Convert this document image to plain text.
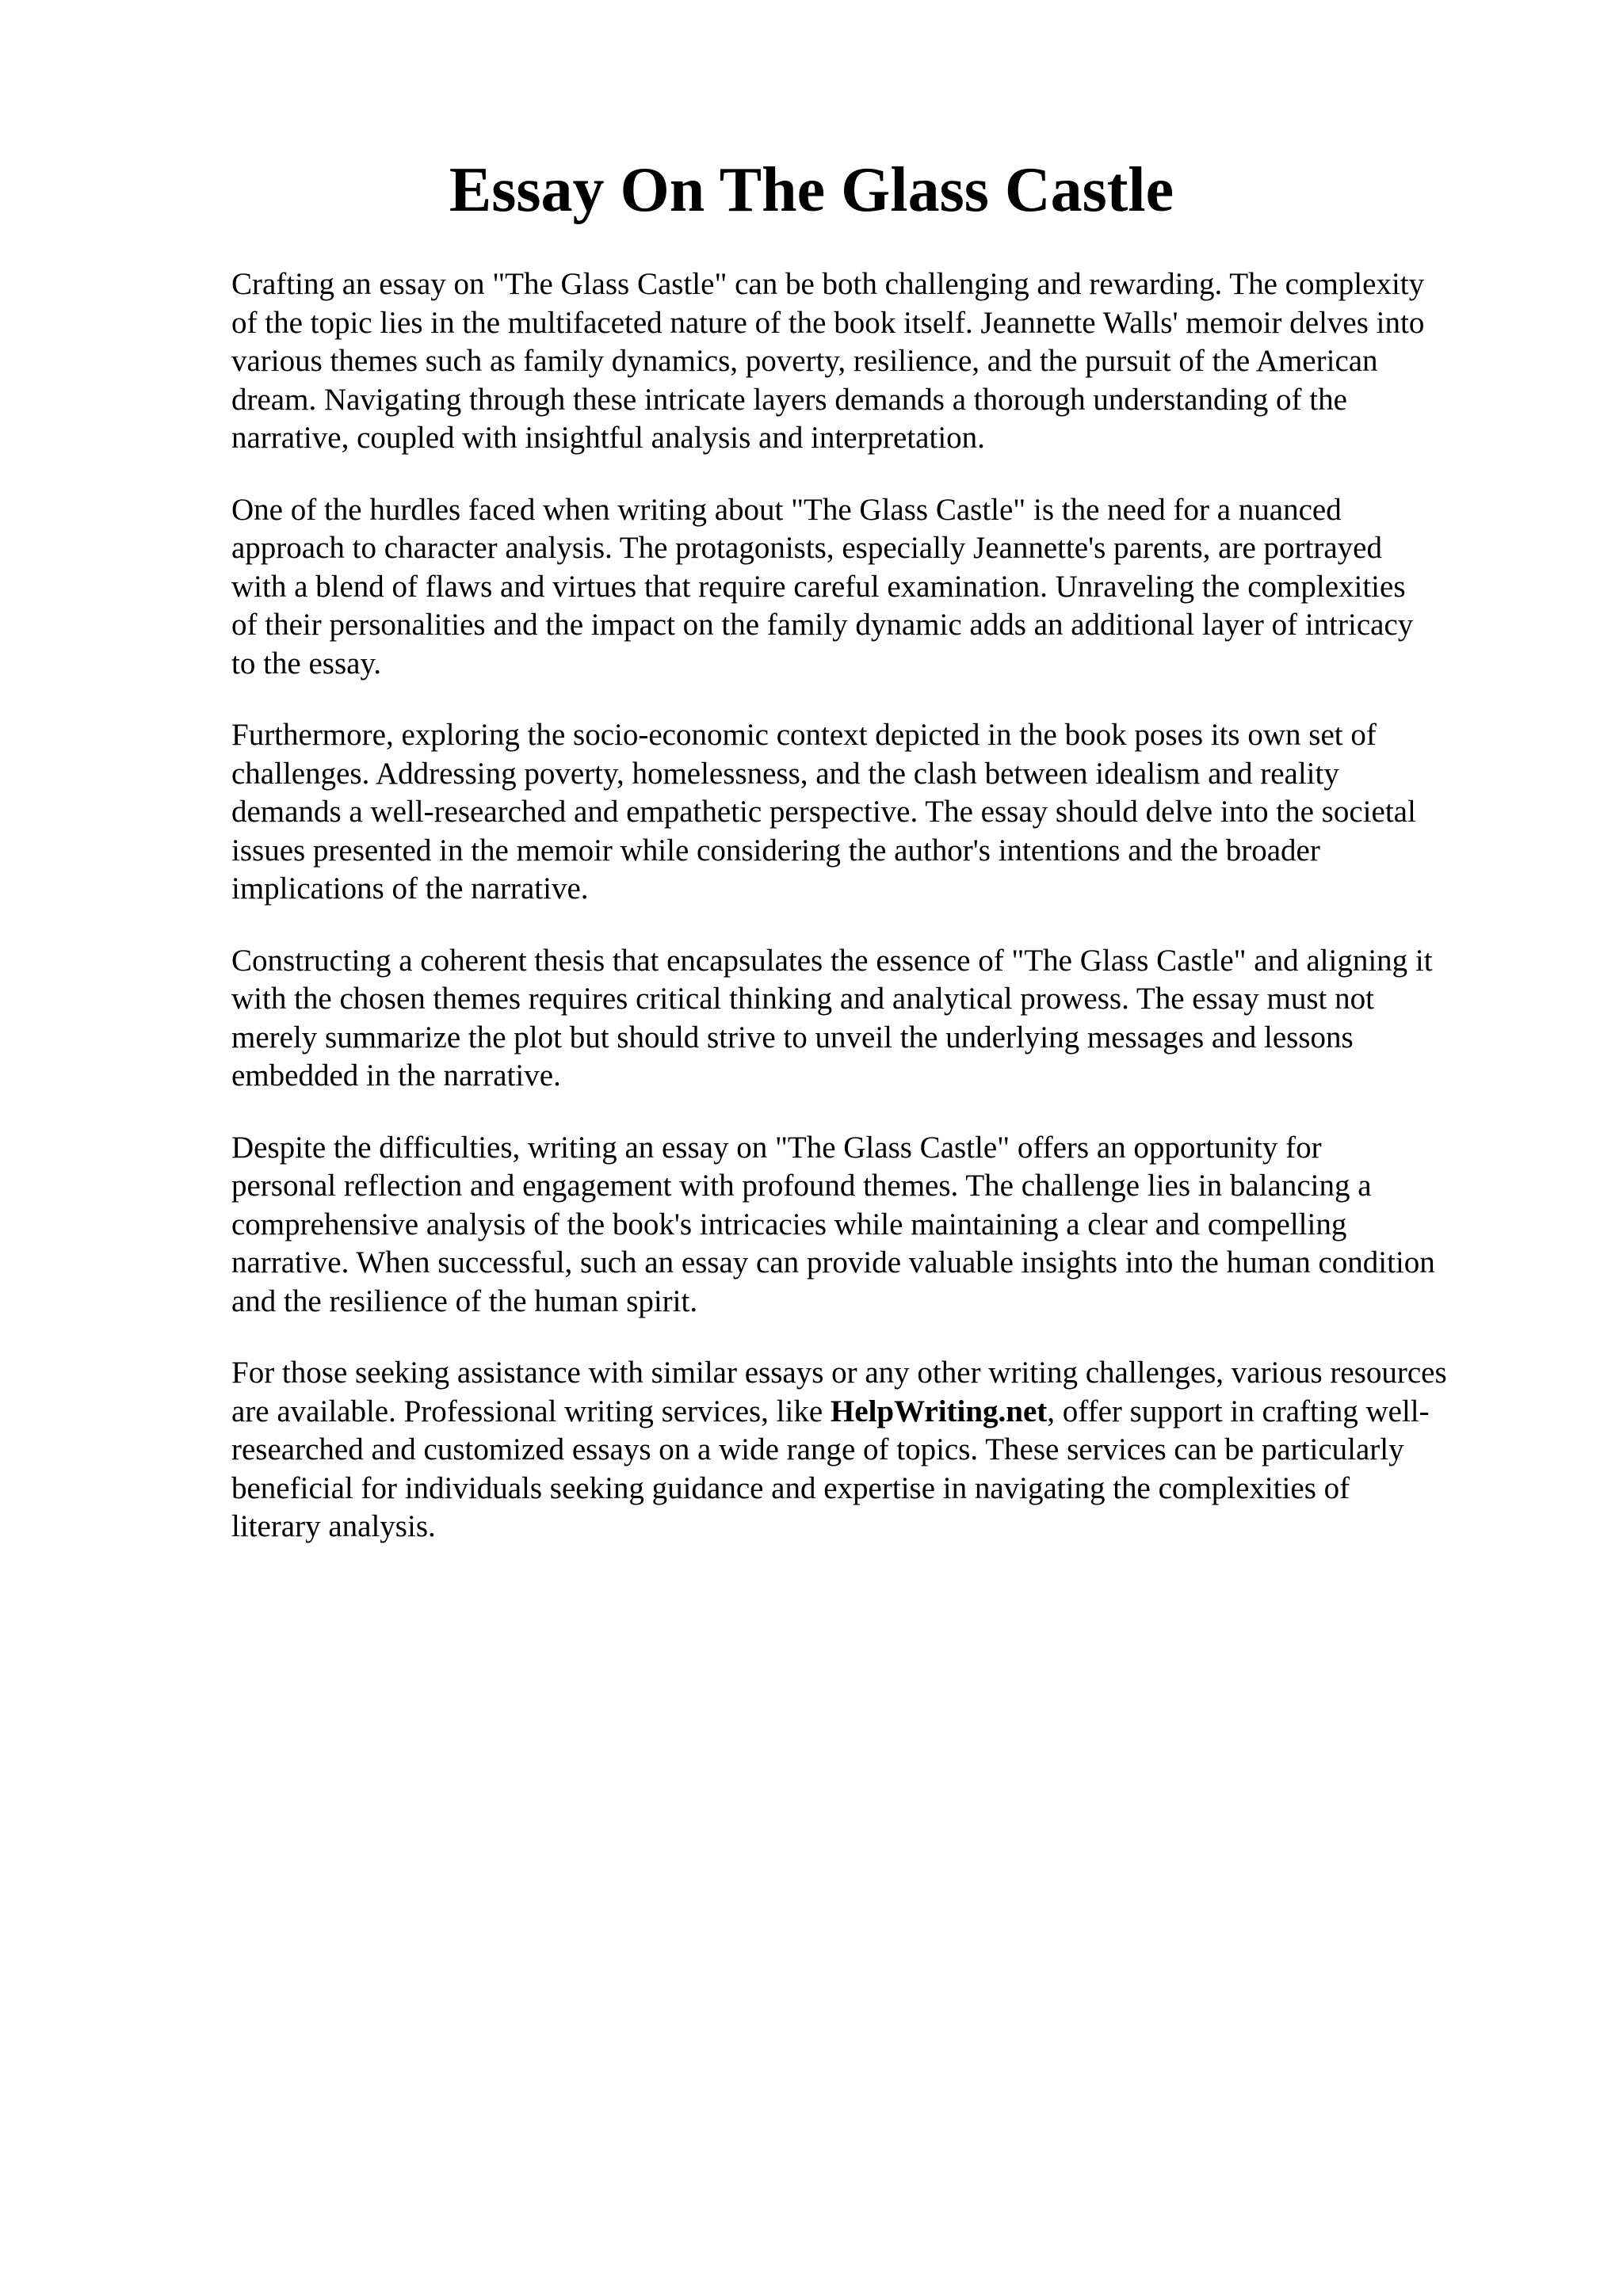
Essay On The Glass Castle

Crafting an essay on "The Glass Castle" can be both challenging and rewarding. The complexity
of the topic lies in the multifaceted nature of the book itself. Jeannette Walls' memoir delves into
various themes such as family dynamics, poverty, resilience, and the pursuit of the American
dream. Navigating through these intricate layers demands a thorough understanding of the
narrative, coupled with insightful analysis and interpretation.

One of the hurdles faced when writing about "The Glass Castle" is the need for a nuanced
approach to character analysis. The protagonists, especially Jeannette's parents, are portrayed
with a blend of flaws and virtues that require careful examination. Unraveling the complexities
of their personalities and the impact on the family dynamic adds an additional layer of intricacy
to the essay.

Furthermore, exploring the socio-economic context depicted in the book poses its own set of
challenges. Addressing poverty, homelessness, and the clash between idealism and reality
demands a well-researched and empathetic perspective. The essay should delve into the societal
issues presented in the memoir while considering the author's intentions and the broader
implications of the narrative.

Constructing a coherent thesis that encapsulates the essence of "The Glass Castle" and aligning it
with the chosen themes requires critical thinking and analytical prowess. The essay must not
merely summarize the plot but should strive to unveil the underlying messages and lessons
embedded in the narrative.

Despite the difficulties, writing an essay on "The Glass Castle" offers an opportunity for
personal reflection and engagement with profound themes. The challenge lies in balancing a
comprehensive analysis of the book's intricacies while maintaining a clear and compelling
narrative. When successful, such an essay can provide valuable insights into the human condition
and the resilience of the human spirit.

For those seeking assistance with similar essays or any other writing challenges, various resources
are available. Professional writing services, like HelpWriting.net, offer support in crafting well-
researched and customized essays on a wide range of topics. These services can be particularly
beneficial for individuals seeking guidance and expertise in navigating the complexities of
literary analysis.
